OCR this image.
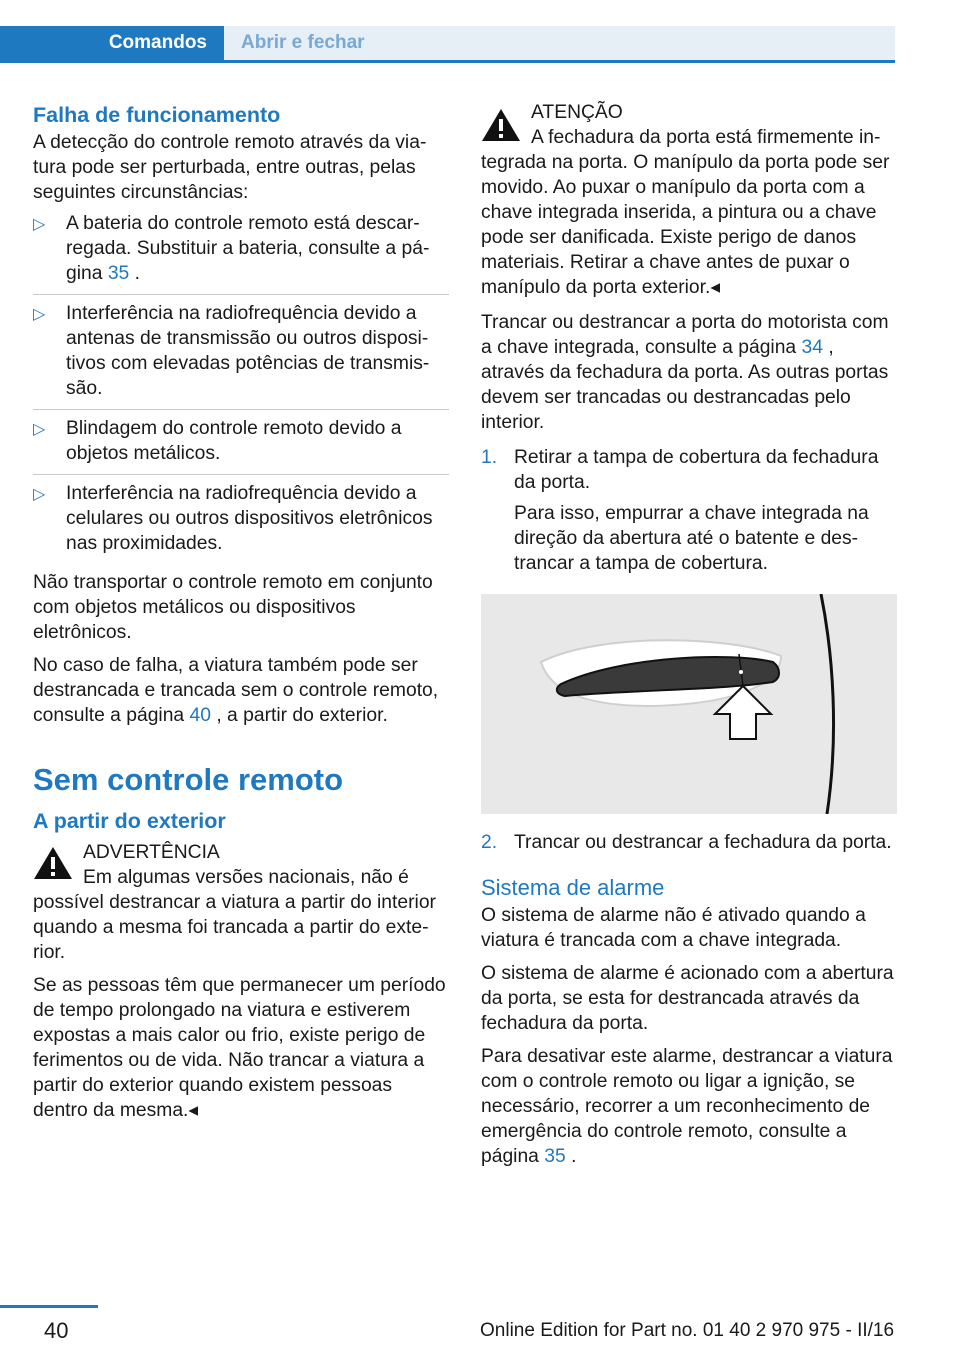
Comandos	Abrir e fechar
Falha de funcionamento

A detecção do controle remoto através da viatura pode ser perturbada, entre outras, pelas seguintes circunstâncias:

▷ A bateria do controle remoto está descarregada. Substituir a bateria, consulte a página 35 .
▷ Interferência na radiofrequência devido a antenas de transmissão ou outros dispositivos com elevadas potências de transmissão.
▷ Blindagem do controle remoto devido a objetos metálicos.
▷ Interferência na radiofrequência devido a celulares ou outros dispositivos eletrônicos nas proximidades.

Não transportar o controle remoto em conjunto com objetos metálicos ou dispositivos eletrônicos.

No caso de falha, a viatura também pode ser destrancada e trancada sem o controle remoto, consulte a página 40 , a partir do exterior.

Sem controle remoto
A partir do exterior

ADVERTÊNCIA

Em algumas versões nacionais, não é possível destrancar a viatura a partir do interior quando a mesma foi trancada a partir do exterior.

Se as pessoas têm que permanecer um período de tempo prolongado na viatura e estiverem expostas a mais calor ou frio, existe perigo de ferimentos ou de vida. Não trancar a viatura a partir do exterior quando existem pessoas dentro da mesma.◂

ATENÇÃO

A fechadura da porta está firmemente integrada na porta. O manípulo da porta pode ser movido. Ao puxar o manípulo da porta com a chave integrada inserida, a pintura ou a chave pode ser danificada. Existe perigo de danos materiais. Retirar a chave antes de puxar o manípulo da porta exterior.◂

Trancar ou destrancar a porta do motorista com a chave integrada, consulte a página 34 , através da fechadura da porta. As outras portas devem ser trancadas ou destrancadas pelo interior.

1. Retirar a tampa de cobertura da fechadura da porta.

Para isso, empurrar a chave integrada na direção da abertura até o batente e destrancar a tampa de cobertura.

2. Trancar ou destrancar a fechadura da porta.
Sistema de alarme

O sistema de alarme não é ativado quando a viatura é trancada com a chave integrada.

O sistema de alarme é acionado com a abertura da porta, se esta for destrancada através da fechadura da porta.

Para desativar este alarme, destrancar a viatura com o controle remoto ou ligar a ignição, se necessário, recorrer a um reconhecimento de emergência do controle remoto, consulte a página 35 .

40	Online Edition for Part no. 01 40 2 970 975 - II/16
